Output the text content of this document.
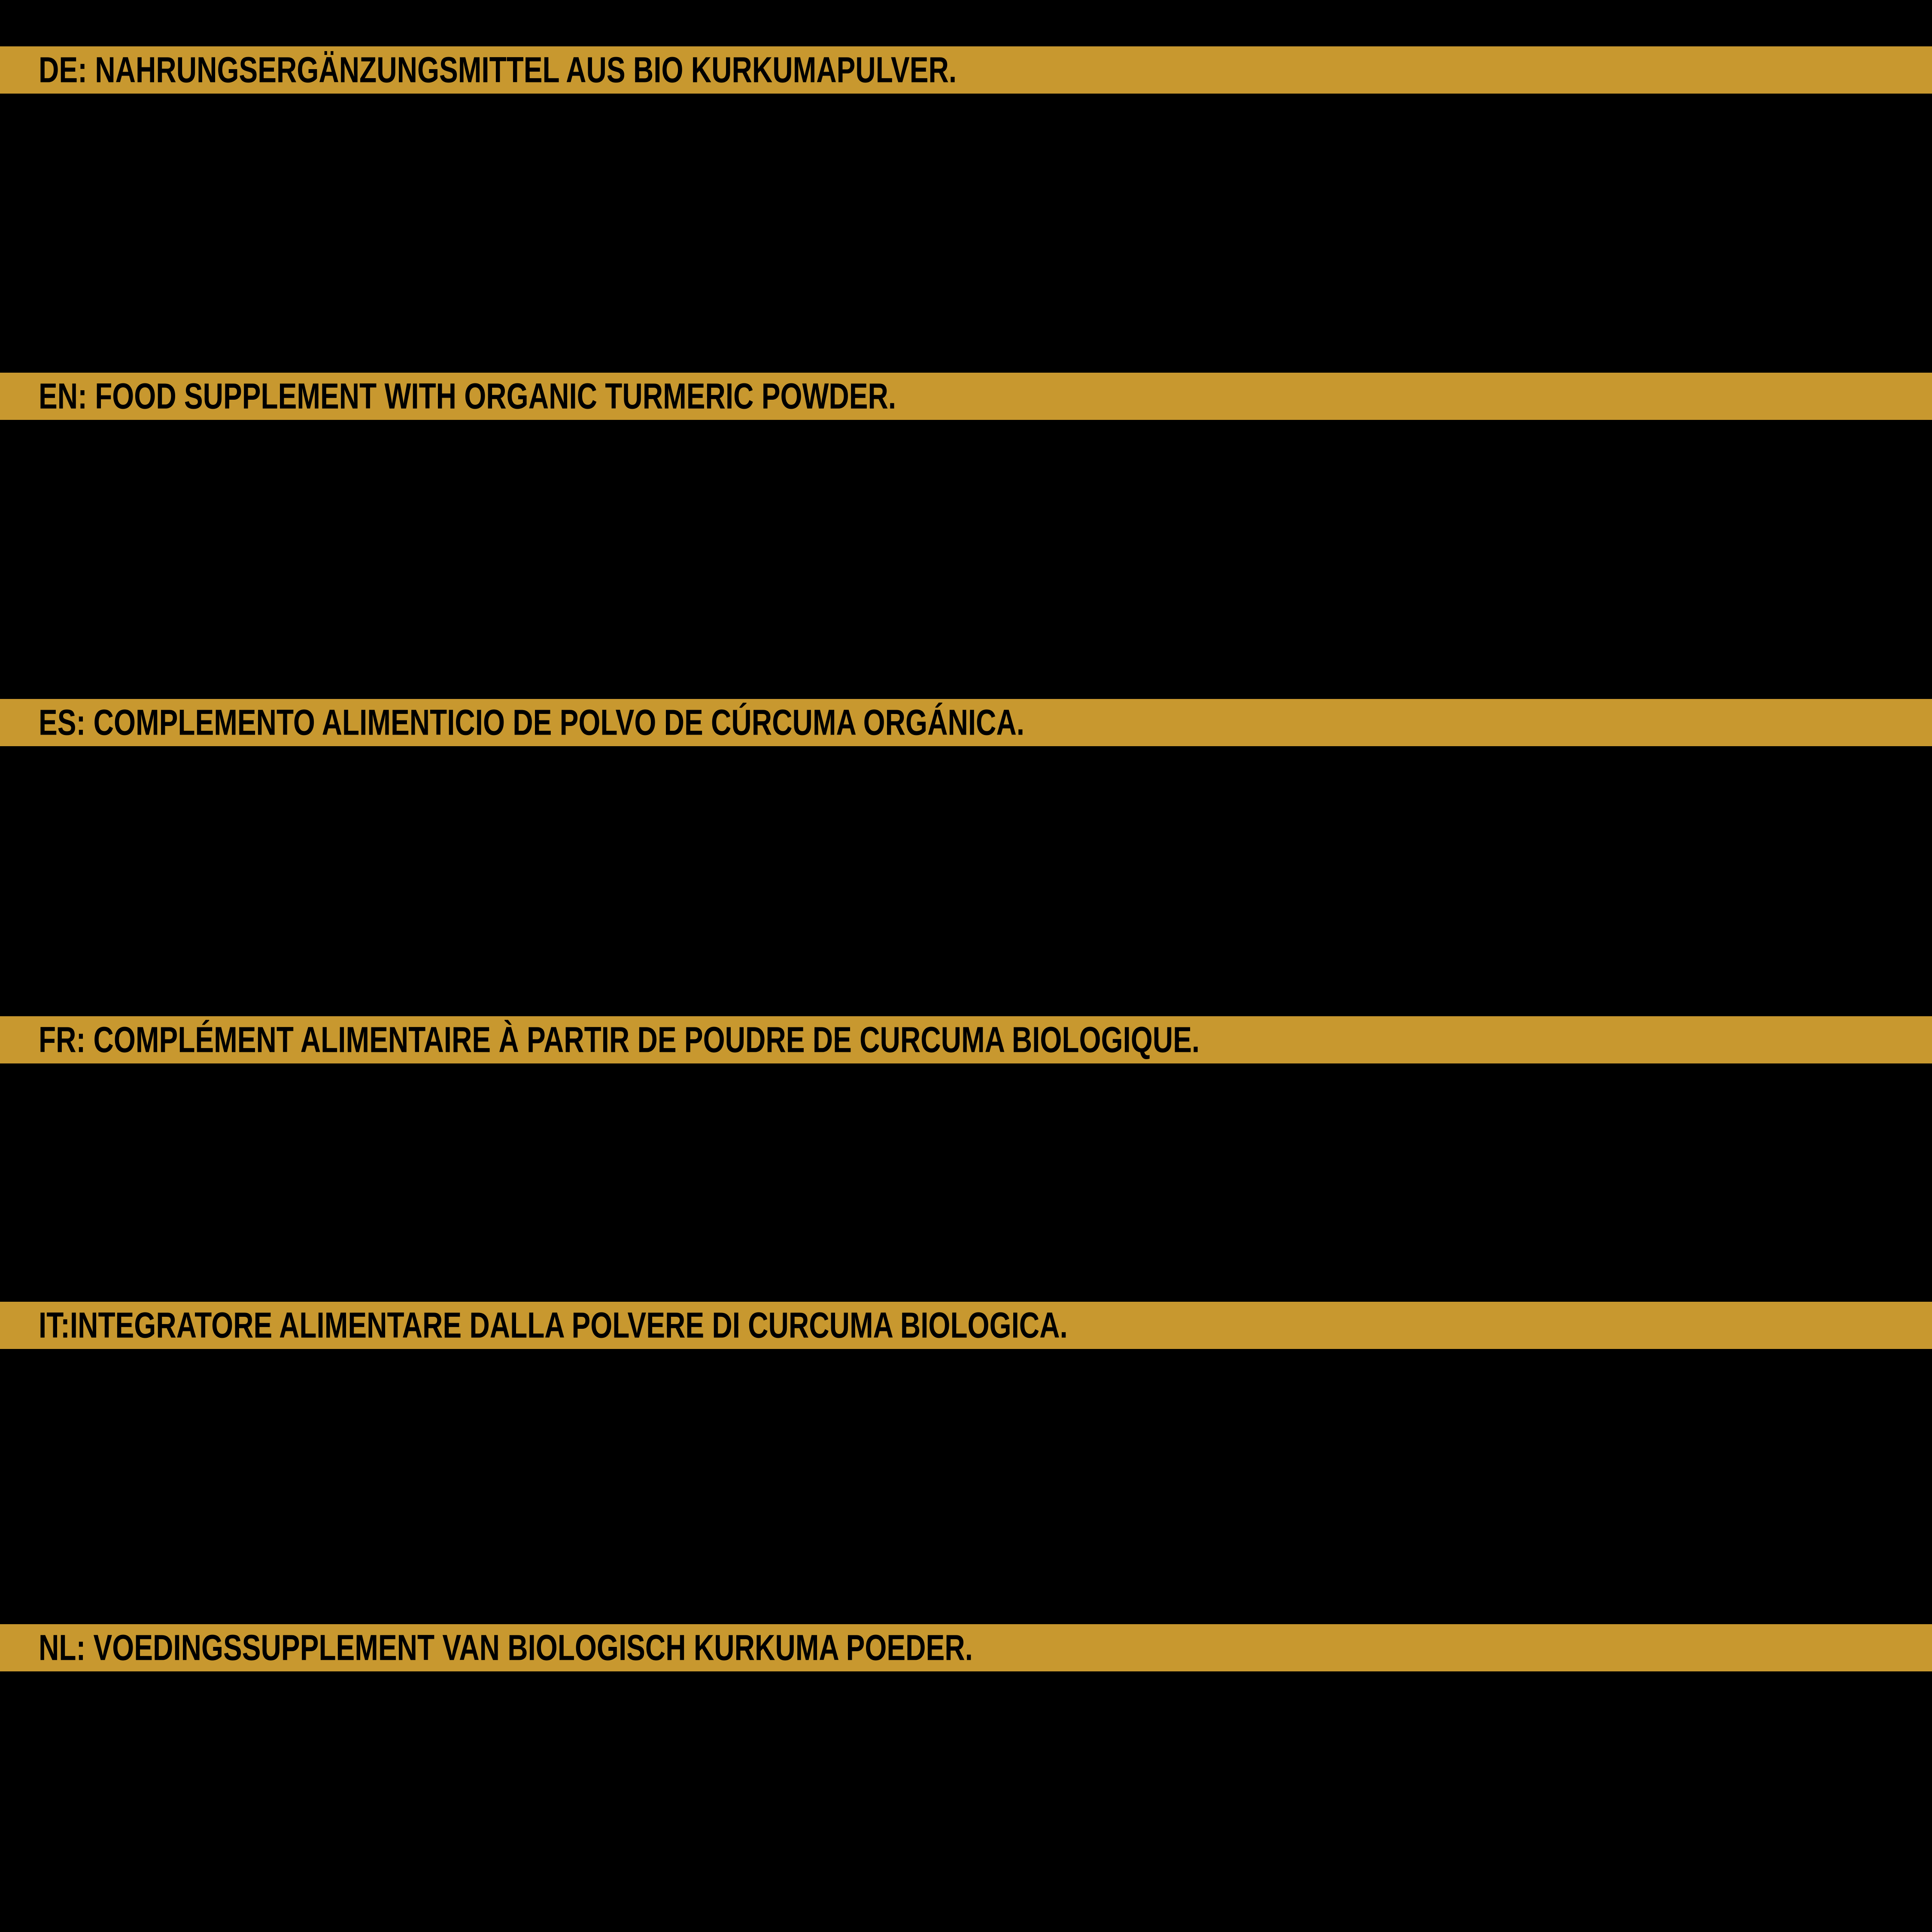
DE: NAHRUNGSERGÄNZUNGSMITTEL AUS BIO KURKUMAPULVER.
EN: FOOD SUPPLEMENT WITH ORGANIC TURMERIC POWDER.
ES: COMPLEMENTO ALIMENTICIO DE POLVO DE CÚRCUMA ORGÁNICA.
FR: COMPLÉMENT ALIMENTAIRE À PARTIR DE POUDRE DE CURCUMA BIOLOGIQUE.
IT:INTEGRATORE ALIMENTARE DALLA POLVERE DI CURCUMA BIOLOGICA.
NL: VOEDINGSSUPPLEMENT VAN BIOLOGISCH KURKUMA POEDER.
